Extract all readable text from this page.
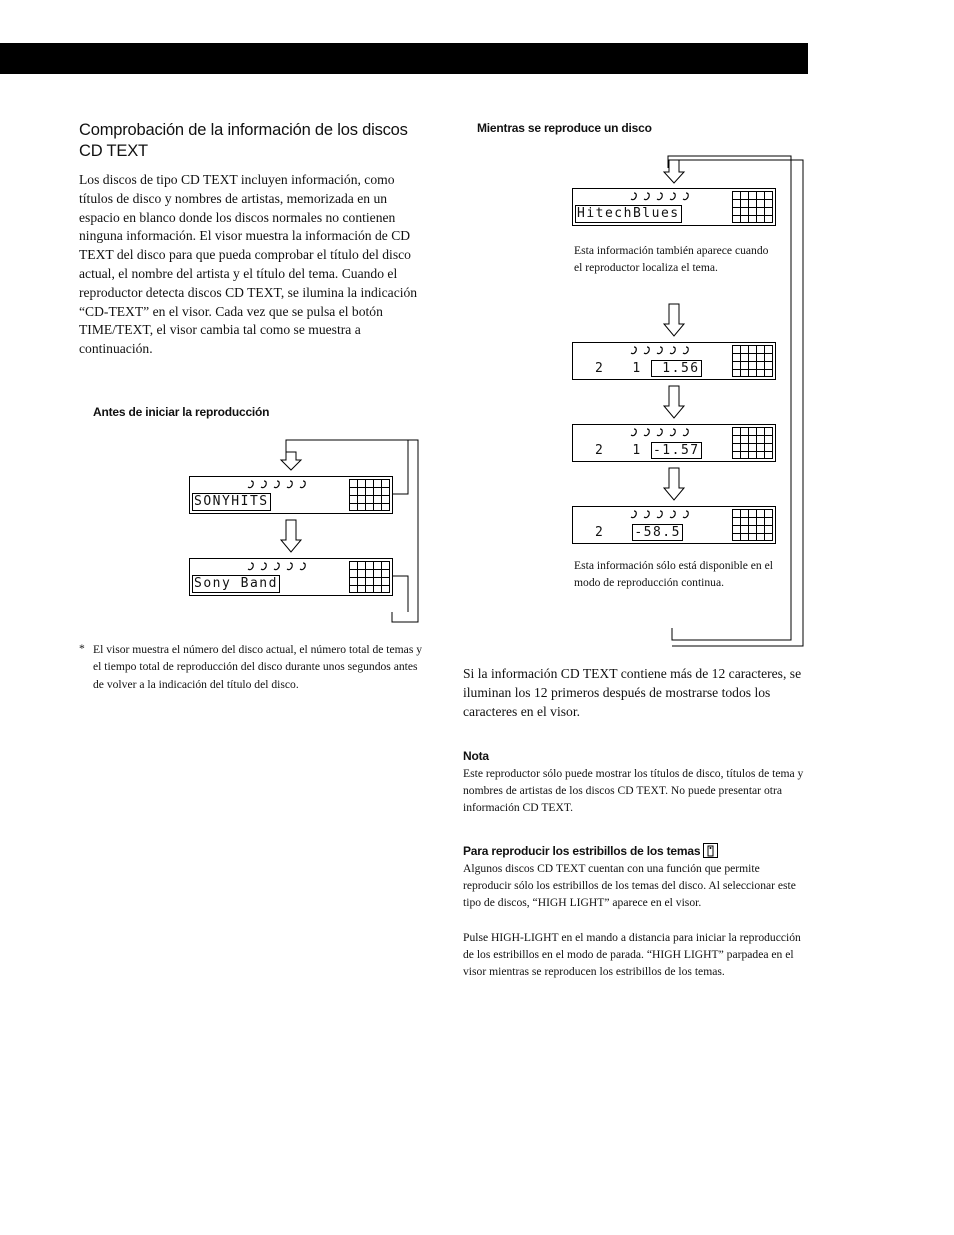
Comprobación de la información de los discos CD TEXT

Los discos de tipo CD TEXT incluyen información, como títulos de disco y nombres de artistas, memorizada en un espacio en blanco donde los discos normales no contienen ninguna información. El visor muestra la información de CD TEXT del disco para que pueda comprobar el título del disco actual, el nombre del artista y el título del tema. Cuando el reproductor detecta discos CD TEXT, se ilumina la indicación “CD-TEXT” en el visor. Cada vez que se pulsa el botón TIME/TEXT, el visor cambia tal como se muestra a continuación.

Antes de iniciar la reproducción

SONYHITS
Sony Band
* El visor muestra el número del disco actual, el número total de temas y el tiempo total de reproducción del disco durante unos segundos antes de volver a la indicación del título del disco.

Mientras se reproduce un disco

HitechBlues

Esta información también aparece cuando el reproductor localiza el tema.

2 1  1.56
2 1 -1.57
2 -58.5

Esta información sólo está disponible en el modo de reproducción continua.

Si la información CD TEXT contiene más de 12 caracteres, se iluminan los 12 primeros después de mostrarse todos los caracteres en el visor.

Nota

Este reproductor sólo puede mostrar los títulos de disco, títulos de tema y nombres de artistas de los discos CD TEXT. No puede presentar otra información CD TEXT.

Para reproducir los estribillos de los temas

Algunos discos CD TEXT cuentan con una función que permite reproducir sólo los estribillos de los temas del disco. Al seleccionar este tipo de discos, “HIGH LIGHT” aparece en el visor.

Pulse HIGH-LIGHT en el mando a distancia para iniciar la reproducción de los estribillos en el modo de parada. “HIGH LIGHT” parpadea en el visor mientras se reproducen los estribillos de los temas.
